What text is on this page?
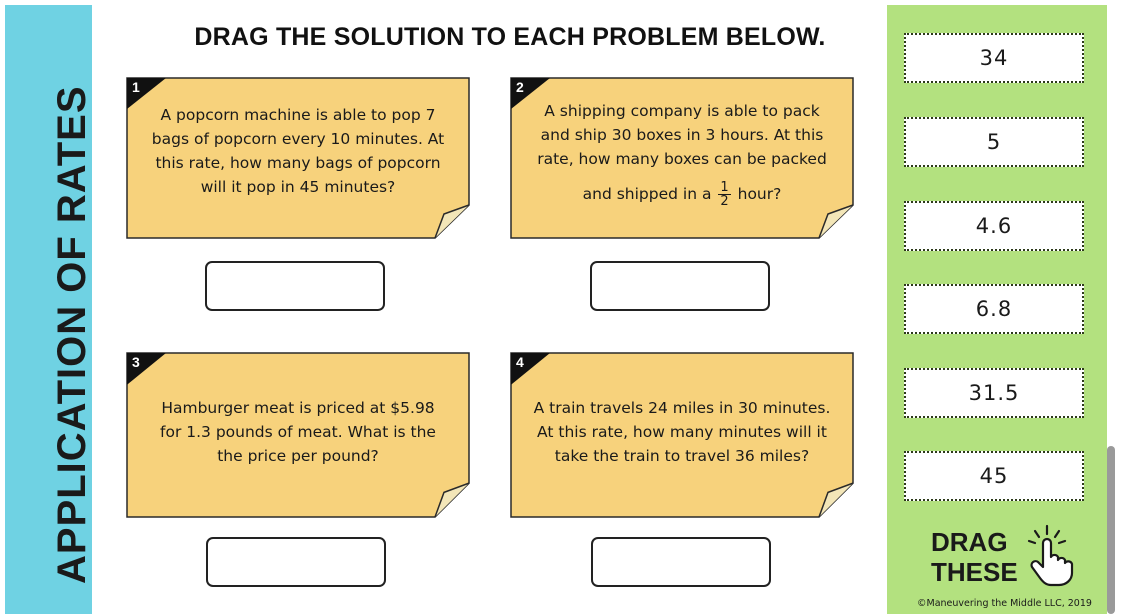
APPLICATION OF RATES
DRAG THE SOLUTION TO EACH PROBLEM BELOW.
1
A popcorn machine is able to pop 7
bags of popcorn every 10 minutes. At
this rate, how many bags of popcorn
will it pop in 45 minutes?
2
A shipping company is able to pack
and ship 30 boxes in 3 hours. At this
rate, how many boxes can be packed
and shipped in a $\frac{1}{2}$ hour?
3
Hamburger meat is priced at $5.98
for 1.3 pounds of meat. What is the
the price per pound?
4
A train travels 24 miles in 30 minutes.
At this rate, how many minutes will it
take the train to travel 36 miles?
34
5
4.6
6.8
31.5
45
DRAG
THESE
©Maneuvering the Middle LLC, 2019
